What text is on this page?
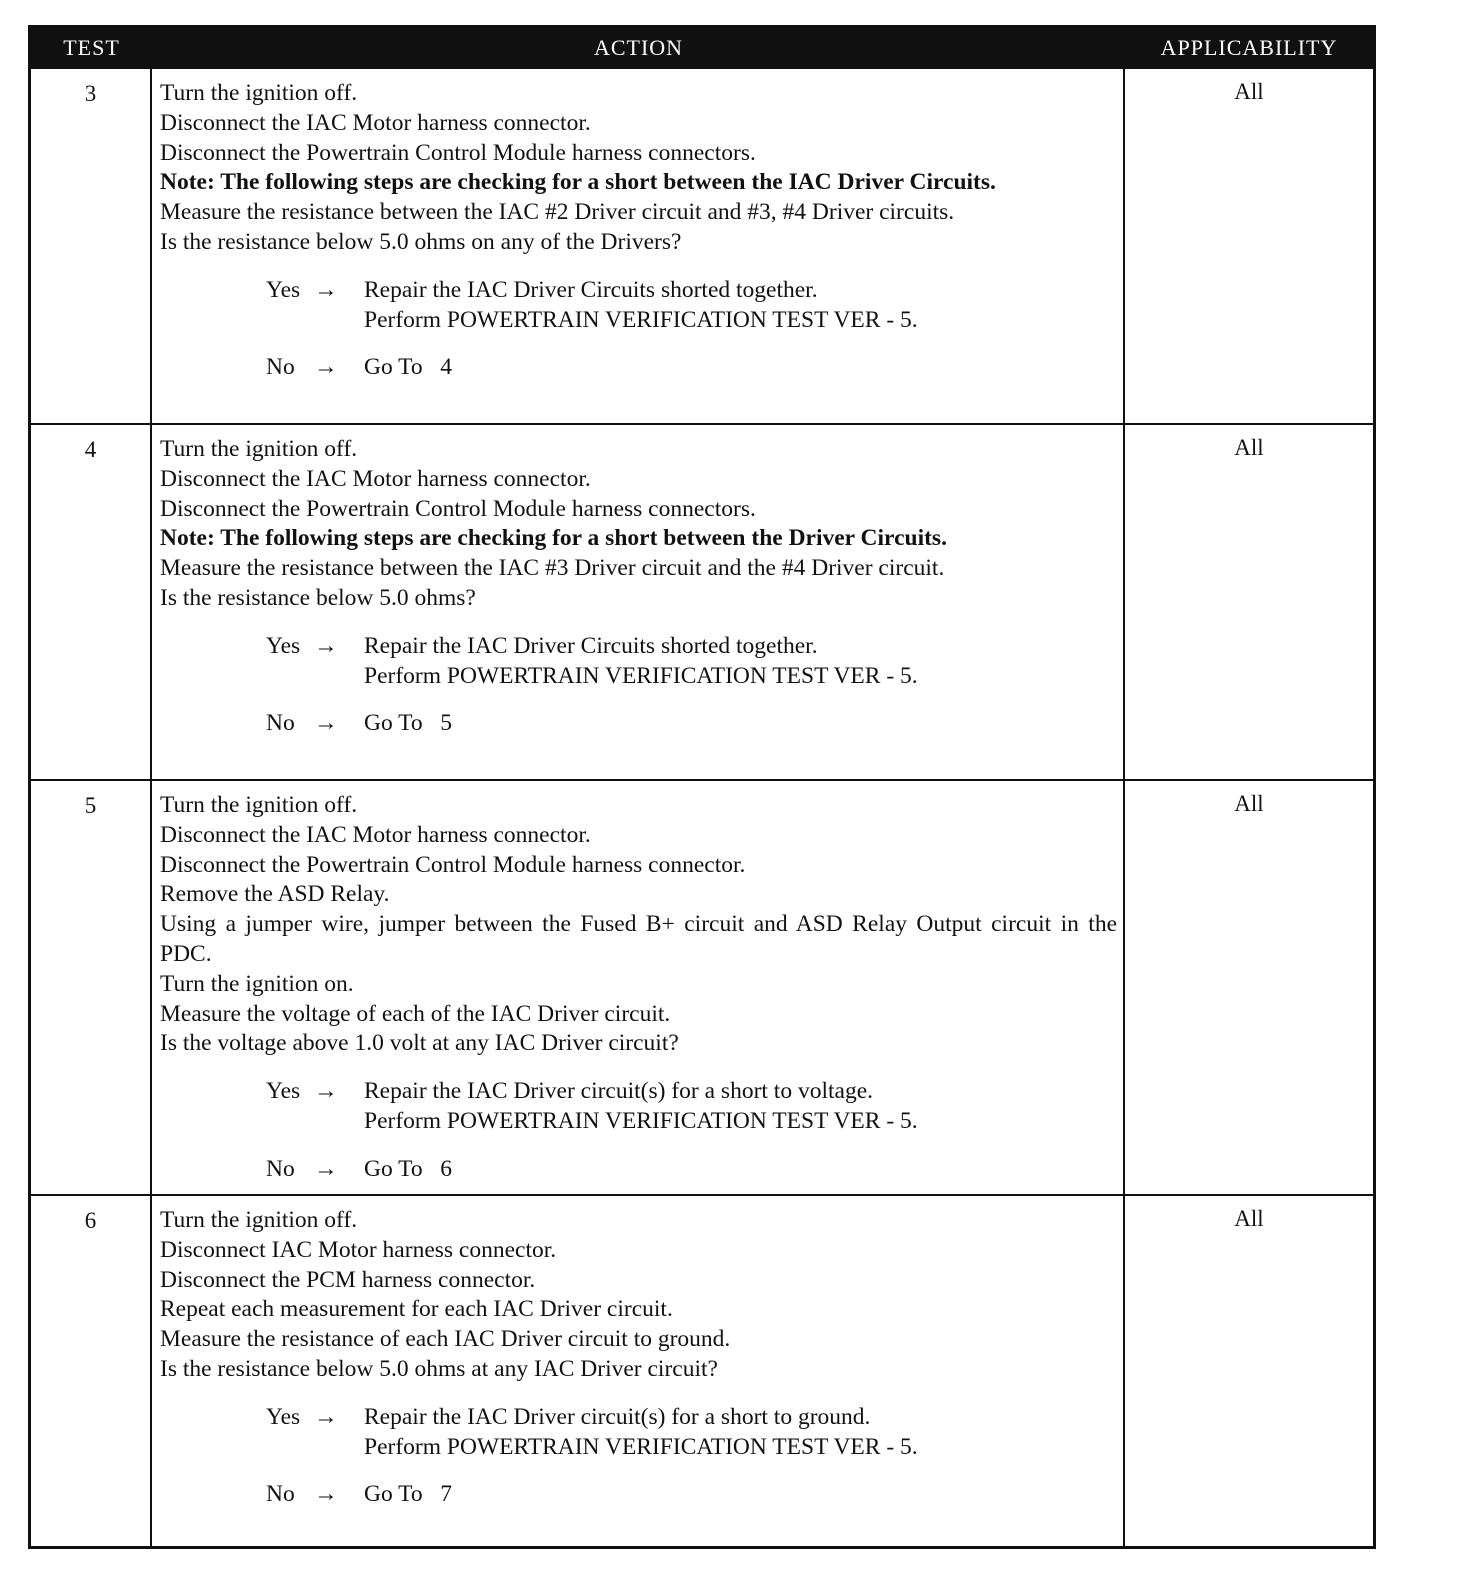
TEST	ACTION	APPLICABILITY
3	Turn the ignition off.
Disconnect the IAC Motor harness connector.
Disconnect the Powertrain Control Module harness connectors.
Note: The following steps are checking for a short between the IAC Driver Circuits.
Measure the resistance between the IAC #2 Driver circuit and #3, #4 Driver circuits.
Is the resistance below 5.0 ohms on any of the Drivers?
Yes →	Repair the IAC Driver Circuits shorted together.
Perform POWERTRAIN VERIFICATION TEST VER - 5.
No →	Go To   4
All
4	Turn the ignition off.
Disconnect the IAC Motor harness connector.
Disconnect the Powertrain Control Module harness connectors.
Note: The following steps are checking for a short between the Driver Circuits.
Measure the resistance between the IAC #3 Driver circuit and the #4 Driver circuit.
Is the resistance below 5.0 ohms?
Yes →	Repair the IAC Driver Circuits shorted together.
Perform POWERTRAIN VERIFICATION TEST VER - 5.
No →	Go To   5
All
5	Turn the ignition off.
Disconnect the IAC Motor harness connector.
Disconnect the Powertrain Control Module harness connector.
Remove the ASD Relay.
Using a jumper wire, jumper between the Fused B+ circuit and ASD Relay Output circuit in the PDC.
Turn the ignition on.
Measure the voltage of each of the IAC Driver circuit.
Is the voltage above 1.0 volt at any IAC Driver circuit?
Yes →	Repair the IAC Driver circuit(s) for a short to voltage.
Perform POWERTRAIN VERIFICATION TEST VER - 5.
No →	Go To   6
All
6	Turn the ignition off.
Disconnect IAC Motor harness connector.
Disconnect the PCM harness connector.
Repeat each measurement for each IAC Driver circuit.
Measure the resistance of each IAC Driver circuit to ground.
Is the resistance below 5.0 ohms at any IAC Driver circuit?
Yes →	Repair the IAC Driver circuit(s) for a short to ground.
Perform POWERTRAIN VERIFICATION TEST VER - 5.
No →	Go To   7
All
